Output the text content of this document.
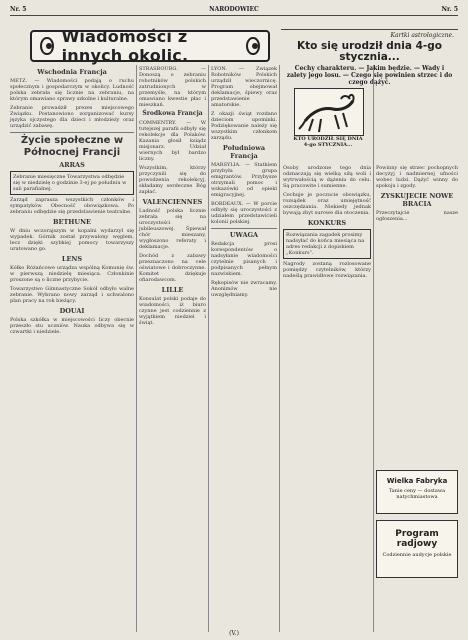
Nr. 5	NARODOWIEC	Nr. 5
Wiadomości z innych okolic.
Kartki astrologiczne.
Kto się urodził dnia 4-go stycznia...
Cechy charakteru. — Jakim będzie. — Wady i zalety jego losu. — Czego się powinien strzec i do czego dążyć.
KTO URODZIŁ SIĘ DNIA 4-go STYCZNIA...
Wschodnia Francja

METZ. — Wiadomości podają o ruchu społecznym i gospodarczym w okolicy. Ludność polska zebrała się licznie na zebraniu, na którym omawiano sprawy szkolne i kulturalne.

Zebranie prowadził prezes miejscowego Związku. Postanowiono zorganizować kursy języka ojczystego dla dzieci i młodzieży oraz urządzić zabawę.

Życie społeczne w Północnej Francji
ARRAS
Zebranie miesięczne Towarzystwa odbędzie się w niedzielę o godzinie 3-ej po południu w sali parafialnej.

Zarząd zaprasza wszystkich członków i sympatyków. Obecność obowiązkowa. Po zebraniu odbędzie się przedstawienie teatralne.

BETHUNE

W dniu wczorajszym w kopalni wydarzył się wypadek. Górnik został przywalony węglem, lecz dzięki szybkiej pomocy towarzyszy uratowano go.

LENS

Kółko Różańcowe urządza wspólną Komunię św. w pierwszą niedzielę miesiąca. Członkinie proszone są o liczne przybycie.

Towarzystwo Gimnastyczne Sokół odbyło walne zebranie. Wybrano nowy zarząd i uchwalono plan pracy na rok bieżący.

DOUAI

Polska szkółka w miejscowości liczy obecnie przeszło stu uczniów. Nauka odbywa się w czwartki i niedziele.

STRASBOURG. — Donoszą o zebraniu robotników polskich zatrudnionych w przemyśle, na którym omawiano kwestie płac i mieszkań.

Środkowa Francja

COMMENTRY. — W tutejszej parafii odbyły się rekolekcje dla Polaków. Kazania głosił ksiądz misjonarz. Udział wiernych był bardzo liczny.

Wszystkim, którzy przyczynili się do powodzenia rekolekcyj, składamy serdeczne Bóg zapłać.

VALENCIENNES

Ludność polska licznie zebrała się na uroczystości jubileuszowej. Śpiewał chór mieszany, wygłoszono referaty i deklamacje.

Dochód z zabawy przeznaczono na cele oświatowe i dobroczynne. Komitet dziękuje ofiarodawcom.

LILLE

Konsulat polski podaje do wiadomości, iż biuro czynne jest codziennie z wyjątkiem niedziel i świąt.

LYON. — Związek Robotników Polskich urządził wieczornicę. Program obejmował deklamacje, śpiewy oraz przedstawienie amatorskie.

Z okazji świąt rozdano dzieciom upominki. Podziękowanie należy się wszystkim członkom zarządu.

Południowa Francja

MARSYLIA. — Statkiem przybyła grupa emigrantów. Przybysze otrzymali pomoc i wskazówki od opieki emigracyjnej.

BORDEAUX. — W porcie odbyły się uroczystości z udziałem przedstawicieli kolonii polskiej.

UWAGA

Redakcja prosi korespondentów o nadsyłanie wiadomości czytelnie pisanych i podpisanych pełnym nazwiskiem.

Rękopisów nie zwracamy. Anonimów nie uwzględniamy.

Osoby urodzone tego dnia odznaczają się wielką siłą woli i wytrwałością w dążeniu do celu. Są pracowite i sumienne.

Cechuje je poczucie obowiązku, rozsądek oraz umiejętność oszczędzania. Niekiedy jednak bywają zbyt surowe dla otoczenia.

KONKURS
Rozwiązania zagadek prosimy nadsyłać do końca miesiąca na adres redakcji z dopiskiem „Konkurs”.

Nagrody zostaną rozlosowane pomiędzy czytelników, którzy nadeślą prawidłowe rozwiązania.

Powinny się strzec pochopnych decyzyj i nadmiernej ufności wobec ludzi. Dążyć winny do spokoju i zgody.

ZYSKUJECIE NOWE BRACIA

Przeczytajcie nasze ogłoszenia...

Wielka Fabryka
Tanie ceny — dostawa natychmiastowa
Program radjowy
Codziennie audycje polskie
(V.)
